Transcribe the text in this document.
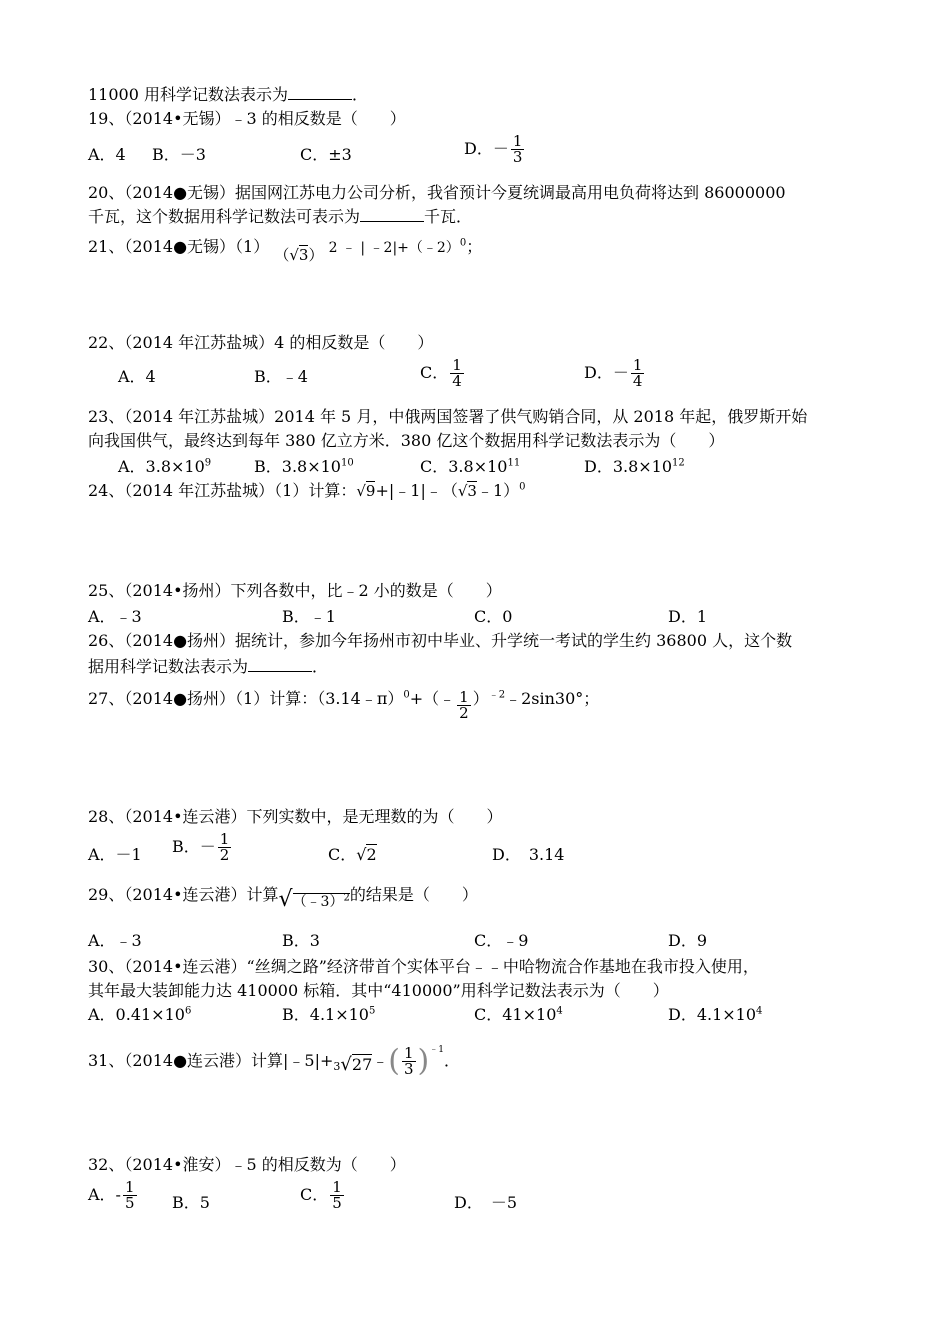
11000 用科学记数法表示为	．
19、（2014•无锡）﹣3 的相反数是（　　）
A．4 B．－3	C．±3	D．－ $\frac{1}{3}$
20、（2014●无锡）据国网江苏电力公司分析，我省预计今夏统调最高用电负荷将达到 86000000
千瓦，这个数据用科学记数法可表示为	千瓦．
21、（2014●无锡）（1） （√3） 2 ﹣ | ﹣2|+（﹣2）$^0$；
22、（2014 年江苏盐城）4 的相反数是（　　）
A．4	B．﹣4	C． $\frac{1}{4}$	D．－ $\frac{1}{4}$
23、（2014 年江苏盐城）2014 年 5 月，中俄两国签署了供气购销合同，从 2018 年起，俄罗斯开始
向我国供气，最终达到每年 380 亿立方米．380 亿这个数据用科学记数法表示为（　　）
A．$3.8\times 10^9$	B．$3.8\times 10^{10}$	C．$3.8\times 10^{11}$	D．$3.8\times 10^{12}$
24、（2014 年江苏盐城）（1）计算：√9+|﹣1|﹣（√3﹣1）$^0$
25、（2014•扬州）下列各数中，比﹣2 小的数是（　　）
A．﹣3	B．﹣1	C．0	D．1
26、（2014●扬州）据统计，参加今年扬州市初中毕业、升学统一考试的学生约 36800 人，这个数
据用科学记数法表示为	．
27、（2014●扬州）（1）计算：（3.14﹣π）$^0$+（﹣ $\frac{1}{2}$ ）$^{﹣2}$﹣2sin30°；
28、（2014•连云港）下列实数中，是无理数的为（　　）
A．－1 B．－ $\frac{1}{2}$	C．√2	D．　3.14
29、（2014•连云港）计算√（﹣3）$^2$的结果是（　　）
A．﹣3	B．3	C．﹣9	D．9
30、（2014•连云港）“丝绸之路”经济带首个实体平台﹣﹣中哈物流合作基地在我市投入使用，
其年最大装卸能力达 410000 标箱．其中“410000”用科学记数法表示为（　　）
A．$0.41\times 10^6$	B．$4.1\times 10^5$	C．$41\times 10^4$	D．$4.1\times 10^4$
31、（2014●连云港）计算|﹣5|+$^3$√27﹣( $\frac{1}{3} )^{﹣1}$．
32、（2014•淮安）﹣5 的相反数为（　　）
A．- $\frac{1}{5}$ B．5	C． $\frac{1}{5}$	D．　－5
